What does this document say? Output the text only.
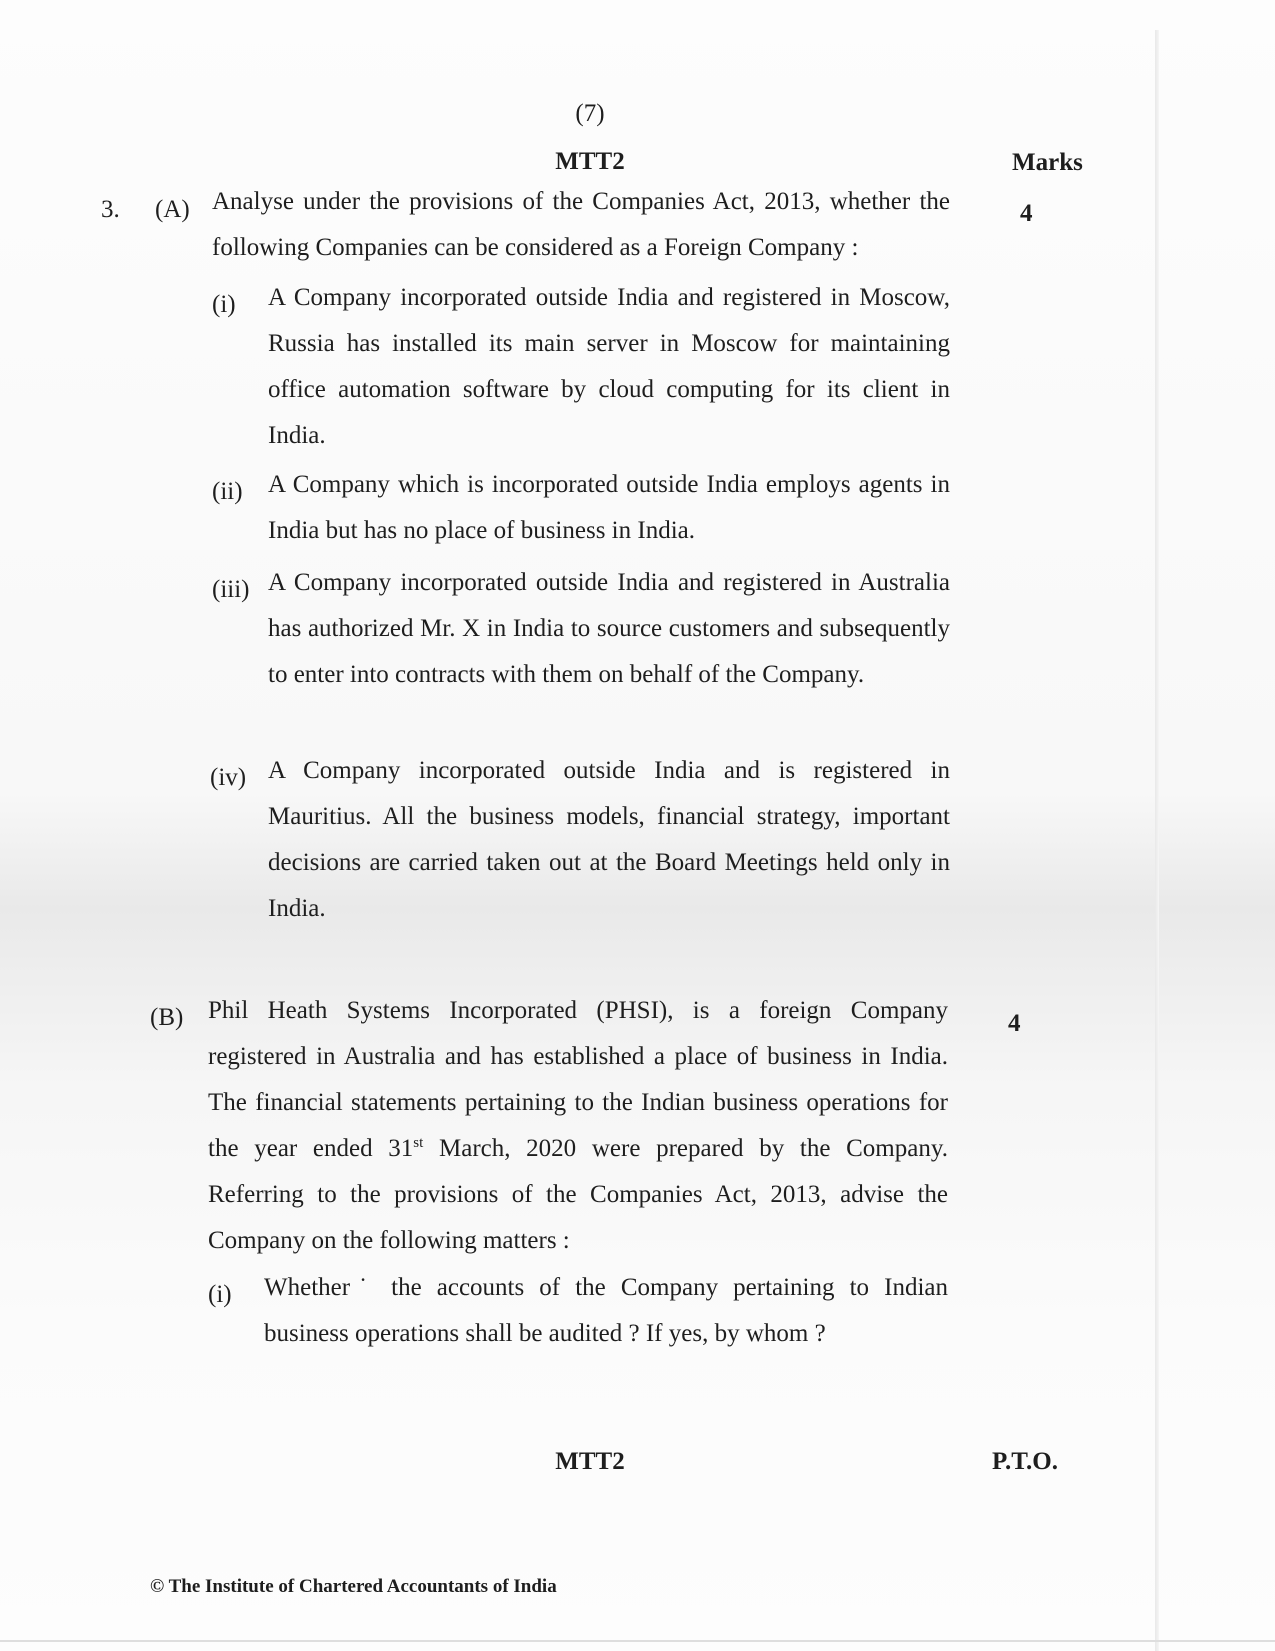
(7)
MTT2	Marks
3. (A)	4
Analyse under the provisions of the Companies Act, 2013, whether the following Companies can be considered as a Foreign Company :
(i) A Company incorporated outside India and registered in Moscow, Russia has installed its main server in Moscow for maintaining office automation software by cloud computing for its client in India.
(ii) A Company which is incorporated outside India employs agents in India but has no place of business in India.
(iii) A Company incorporated outside India and registered in Australia has authorized Mr. X in India to source customers and subsequently to enter into contracts with them on behalf of the Company.
(iv) A Company incorporated outside India and is registered in Mauritius. All the business models, financial strategy, important decisions are carried taken out at the Board Meetings held only in India.
(B)	4
Phil Heath Systems Incorporated (PHSI), is a foreign Company registered in Australia and has established a place of business in India. The financial statements pertaining to the Indian business operations for the year ended 31st March, 2020 were prepared by the Company. Referring to the provisions of the Companies Act, 2013, advise the Company on the following matters :
(i) Whether˙ the accounts of the Company pertaining to Indian business operations shall be audited ? If yes, by whom ?
MTT2	P.T.O.
© The Institute of Chartered Accountants of India
